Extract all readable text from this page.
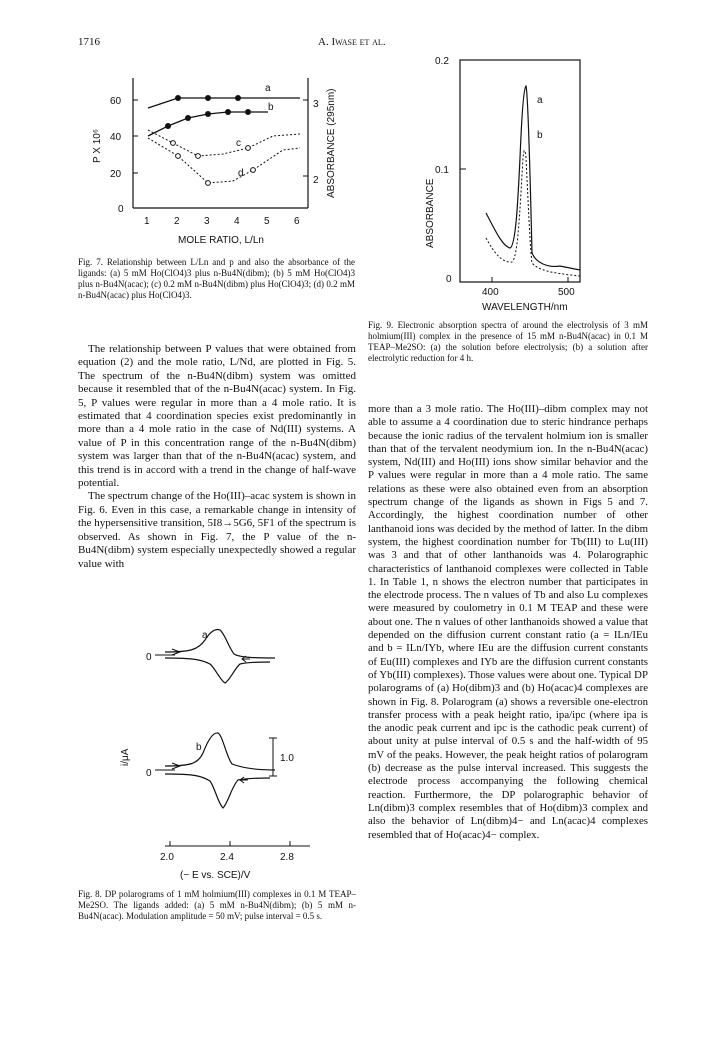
1716	A. Iwase et al.
0
20
40
60
P X 10⁶
3
2 ABSORBANCE (295nm)
1 2 3 4 5 6
MOLE RATIO, L/Ln
a
b
c
d
Fig. 7. Relationship between L/Ln and p and also the absorbance of the ligands: (a) 5 mM Ho(ClO4)3 plus n-Bu4N(dibm); (b) 5 mM Ho(ClO4)3 plus n-Bu4N(acac); (c) 0.2 mM n-Bu4N(dibm) plus Ho(ClO4)3; (d) 0.2 mM n-Bu4N(acac) plus Ho(ClO4)3.

The relationship between P values that were obtained from equation (2) and the mole ratio, L/Nd, are plotted in Fig. 5. The spectrum of the n-Bu4N(dibm) system was omitted because it resembled that of the n-Bu4N(acac) system. In Fig. 5, P values were regular in more than a 4 mole ratio. It is estimated that 4 coordination species exist predominantly in more than a 4 mole ratio in the case of Nd(III) systems. A value of P in this concentration range of the n-Bu4N(dibm) system was larger than that of the n-Bu4N(acac) system, and this trend is in accord with a trend in the change of half-wave potential.

The spectrum change of the Ho(III)–acac system is shown in Fig. 6. Even in this case, a remarkable change in intensity of the hypersensitive transition, 5I8→5G6, 5F1 of the spectrum is observed. As shown in Fig. 7, the P value of the n-Bu4N(dibm) system especially unexpectedly showed a regular value with

i/μA
0
0
a
b
1.0
2.0	2.4	2.8
(− E vs. SCE)/V
Fig. 8. DP polarograms of 1 mM holmium(III) complexes in 0.1 M TEAP–Me2SO. The ligands added: (a) 5 mM n-Bu4N(dibm); (b) 5 mM n-Bu4N(acac). Modulation amplitude = 50 mV; pulse interval = 0.5 s.
0.2
0.1
0
ABSORBANCE
a
b
400	500
WAVELENGTH/nm
Fig. 9. Electronic absorption spectra of around the electrolysis of 3 mM holmium(III) complex in the presence of 15 mM n-Bu4N(acac) in 0.1 M TEAP–Me2SO: (a) the solution before electrolysis; (b) a solution after electrolytic reduction for 4 h.

more than a 3 mole ratio. The Ho(III)–dibm complex may not able to assume a 4 coordination due to steric hindrance perhaps because the ionic radius of the tervalent holmium ion is smaller than that of the tervalent neodymium ion. In the n-Bu4N(acac) system, Nd(III) and Ho(III) ions show similar behavior and the P values were regular in more than a 4 mole ratio. The same relations as these were also obtained even from an absorption spectrum change of the ligands as shown in Figs 5 and 7. Accordingly, the highest coordination number of other lanthanoid ions was decided by the method of latter. In the dibm system, the highest coordination number for Tb(III) to Lu(III) was 3 and that of other lanthanoids was 4. Polarographic characteristics of lanthanoid complexes were collected in Table 1. In Table 1, n shows the electron number that participates in the electrode process. The n values of Tb and also Lu complexes were measured by coulometry in 0.1 M TEAP and these were about one. The n values of other lanthanoids showed a value that depended on the diffusion current constant ratio (a = ILn/IEu and b = ILn/IYb, where IEu are the diffusion current constants of Eu(III) complexes and IYb are the diffusion current constants of Yb(III) complexes). Those values were about one. Typical DP polarograms of (a) Ho(dibm)3 and (b) Ho(acac)4 complexes are shown in Fig. 8. Polarogram (a) shows a reversible one-electron transfer process with a peak height ratio, ipa/ipc (where ipa is the anodic peak current and ipc is the cathodic peak current) of about unity at pulse interval of 0.5 s and the half-width of 95 mV of the peaks. However, the peak height ratios of polarogram (b) decrease as the pulse interval increased. This suggests the electrode process accompanying the following chemical reaction. Furthermore, the DP polarographic behavior of Ln(dibm)3 complex resembles that of Ho(dibm)3 complex and also the behavior of Ln(dibm)4− and Ln(acac)4 complexes resembled that of Ho(acac)4− complex.
